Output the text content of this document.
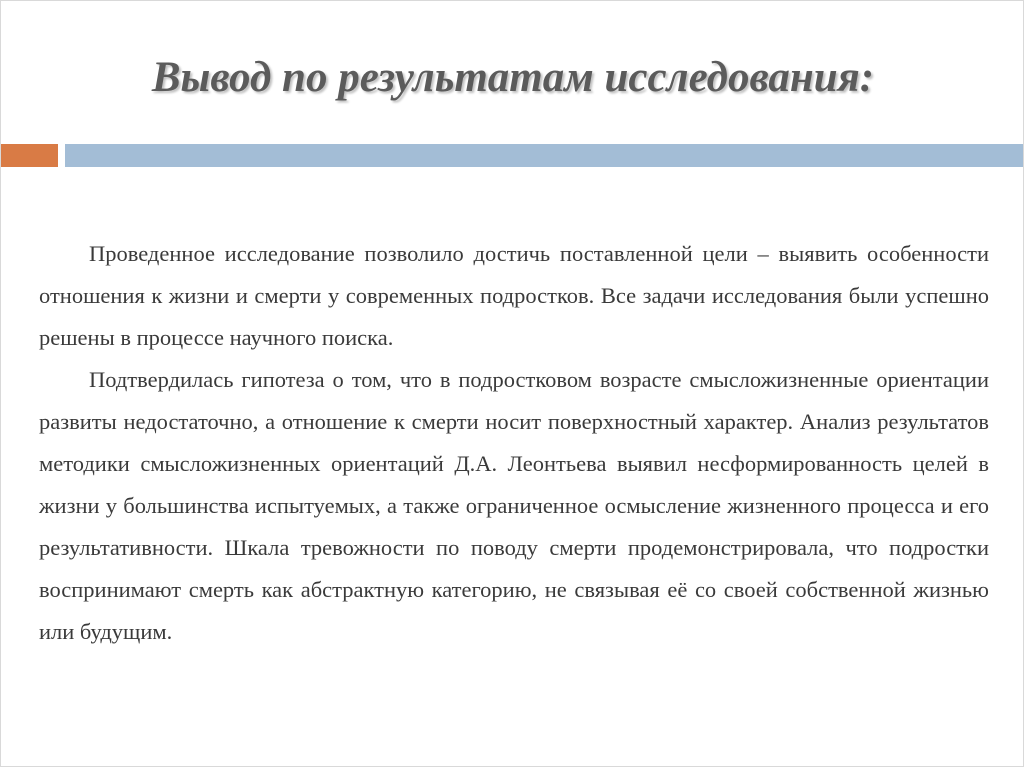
Вывод по результатам исследования:

Проведенное исследование позволило достичь поставленной цели – выявить особенности отношения к жизни и смерти у современных подростков. Все задачи исследования были успешно решены в процессе научного поиска.

Подтвердилась гипотеза о том, что в подростковом возрасте смысложизненные ориентации развиты недостаточно, а отношение к смерти носит поверхностный характер. Анализ результатов методики смысложизненных ориентаций Д.А. Леонтьева выявил несформированность целей в жизни у большинства испытуемых, а также ограниченное осмысление жизненного процесса и его результативности. Шкала тревожности по поводу смерти продемонстрировала, что подростки воспринимают смерть как абстрактную категорию, не связывая её со своей собственной жизнью или будущим.
